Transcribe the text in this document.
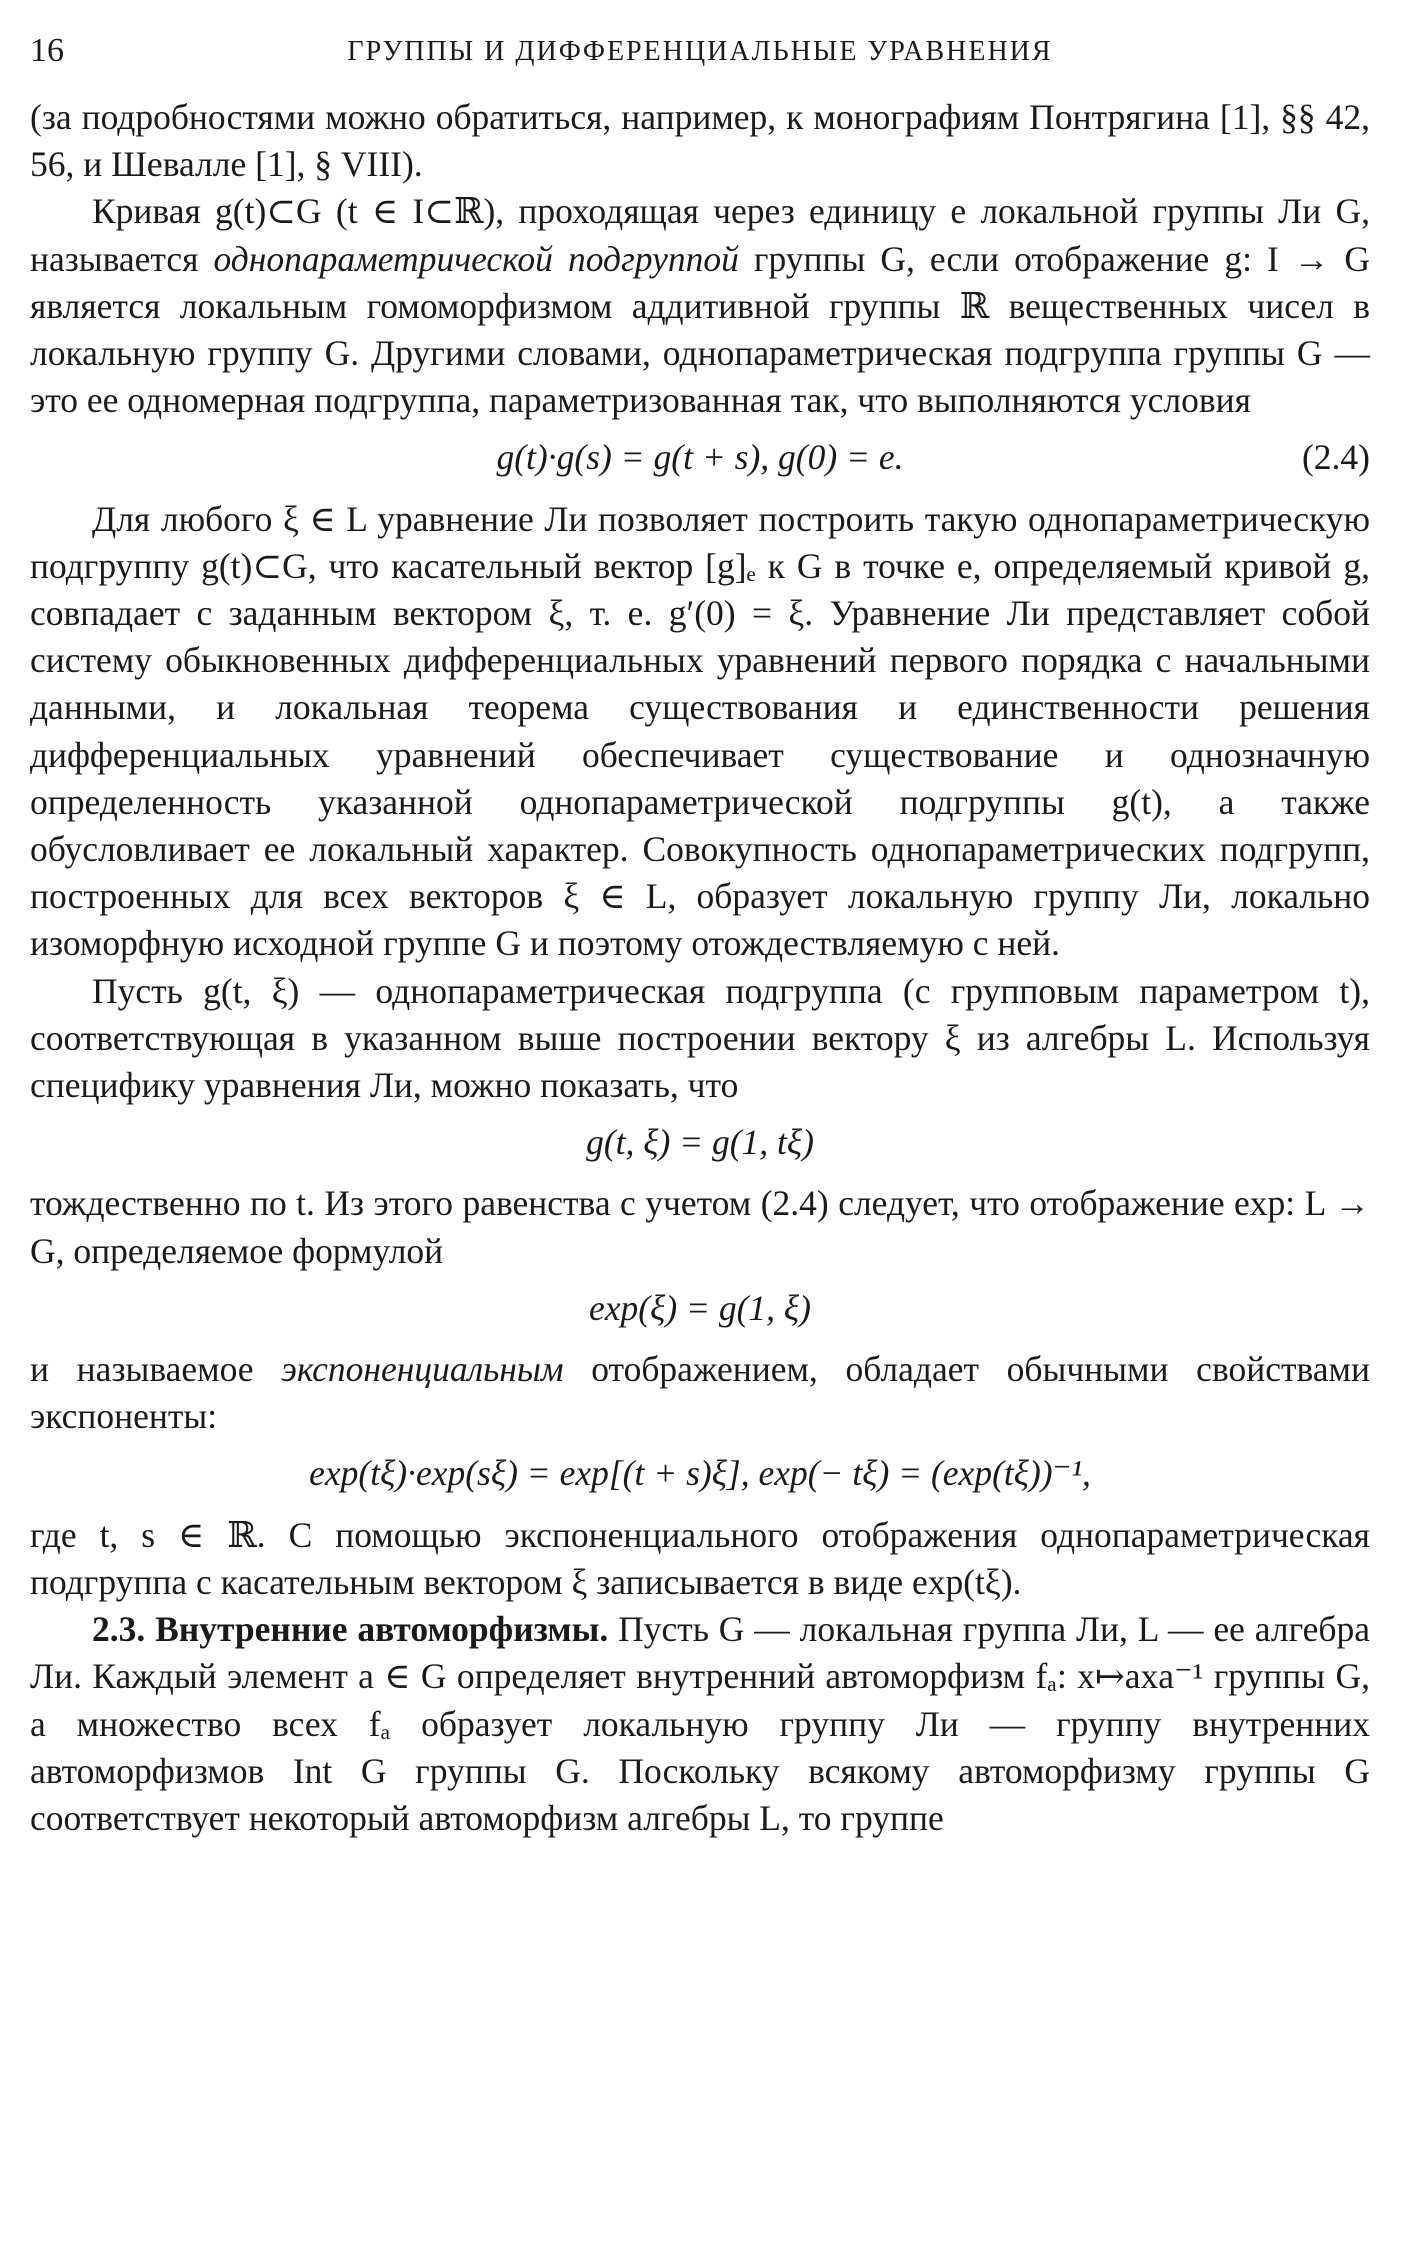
16	ГРУППЫ И ДИФФЕРЕНЦИАЛЬНЫЕ УРАВНЕНИЯ

(за подробностями можно обратиться, например, к монографиям Понтрягина [1], §§ 42, 56, и Шевалле [1], § VIII).

Кривая g(t)⊂G (t ∈ I⊂ℝ), проходящая через единицу e локальной группы Ли G, называется однопараметрической подгруппой группы G, если отображение g: I → G является локальным гомоморфизмом аддитивной группы ℝ вещественных чисел в локальную группу G. Другими словами, однопараметрическая подгруппа группы G — это ее одномерная подгруппа, параметризованная так, что выполняются условия

g(t)·g(s) = g(t + s), g(0) = e.	(2.4)

Для любого ξ ∈ L уравнение Ли позволяет построить такую однопараметрическую подгруппу g(t)⊂G, что касательный вектор [g]ₑ к G в точке e, определяемый кривой g, совпадает с заданным вектором ξ, т. е. g′(0) = ξ. Уравнение Ли представляет собой систему обыкновенных дифференциальных уравнений первого порядка с начальными данными, и локальная теорема существования и единственности решения дифференциальных уравнений обеспечивает существование и однозначную определенность указанной однопараметрической подгруппы g(t), а также обусловливает ее локальный характер. Совокупность однопараметрических подгрупп, построенных для всех векторов ξ ∈ L, образует локальную группу Ли, локально изоморфную исходной группе G и поэтому отождествляемую с ней.

Пусть g(t, ξ) — однопараметрическая подгруппа (с групповым параметром t), соответствующая в указанном выше построении вектору ξ из алгебры L. Используя специфику уравнения Ли, можно показать, что

g(t, ξ) = g(1, tξ)

тождественно по t. Из этого равенства с учетом (2.4) следует, что отображение exp: L → G, определяемое формулой

exp(ξ) = g(1, ξ)

и называемое экспоненциальным отображением, обладает обычными свойствами экспоненты:

exp(tξ)·exp(sξ) = exp[(t + s)ξ], exp(− tξ) = (exp(tξ))⁻¹,

где t, s ∈ ℝ. С помощью экспоненциального отображения однопараметрическая подгруппа с касательным вектором ξ записывается в виде exp(tξ).

2.3. Внутренние автоморфизмы. Пусть G — локальная группа Ли, L — ее алгебра Ли. Каждый элемент a ∈ G определяет внутренний автоморфизм fₐ: x↦axa⁻¹ группы G, а множество всех fₐ образует локальную группу Ли — группу внутренних автоморфизмов Int G группы G. Поскольку всякому автоморфизму группы G соответствует некоторый автоморфизм алгебры L, то группе
